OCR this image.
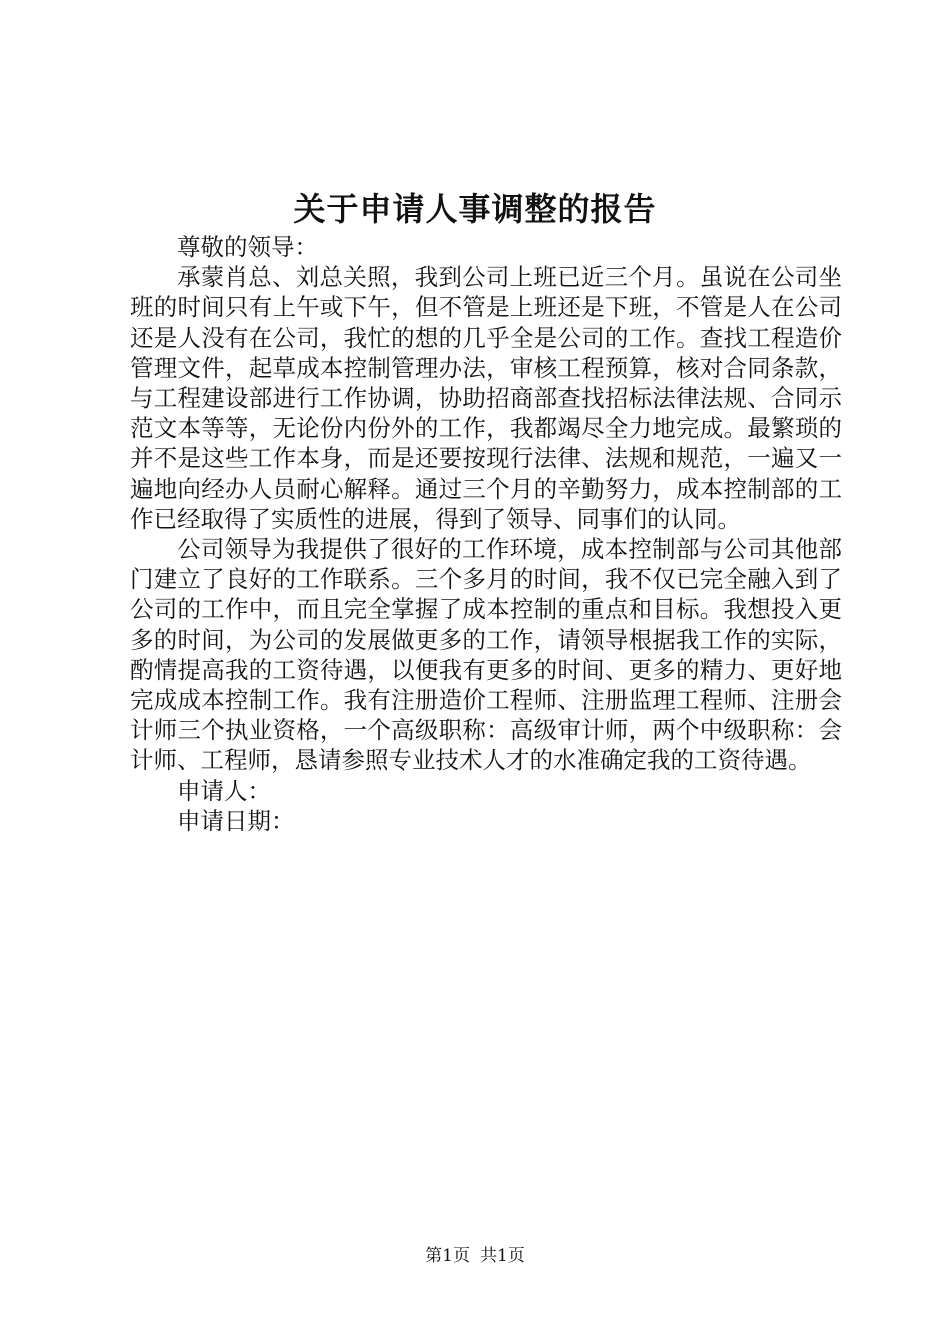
关于申请人事调整的报告

尊敬的领导：

承蒙肖总、刘总关照，我到公司上班已近三个月。虽说在公司坐班的时间只有上午或下午，但不管是上班还是下班，不管是人在公司还是人没有在公司，我忙的想的几乎全是公司的工作。查找工程造价管理文件，起草成本控制管理办法，审核工程预算，核对合同条款，与工程建设部进行工作协调，协助招商部查找招标法律法规、合同示范文本等等，无论份内份外的工作，我都竭尽全力地完成。最繁琐的并不是这些工作本身，而是还要按现行法律、法规和规范，一遍又一遍地向经办人员耐心解释。通过三个月的辛勤努力，成本控制部的工作已经取得了实质性的进展，得到了领导、同事们的认同。

公司领导为我提供了很好的工作环境，成本控制部与公司其他部门建立了良好的工作联系。三个多月的时间，我不仅已完全融入到了公司的工作中，而且完全掌握了成本控制的重点和目标。我想投入更多的时间，为公司的发展做更多的工作，请领导根据我工作的实际，酌情提高我的工资待遇，以便我有更多的时间、更多的精力、更好地完成成本控制工作。我有注册造价工程师、注册监理工程师、注册会计师三个执业资格，一个高级职称：高级审计师，两个中级职称：会计师、工程师，恳请参照专业技术人才的水准确定我的工资待遇。

申请人：

申请日期：

第1页 共1页
